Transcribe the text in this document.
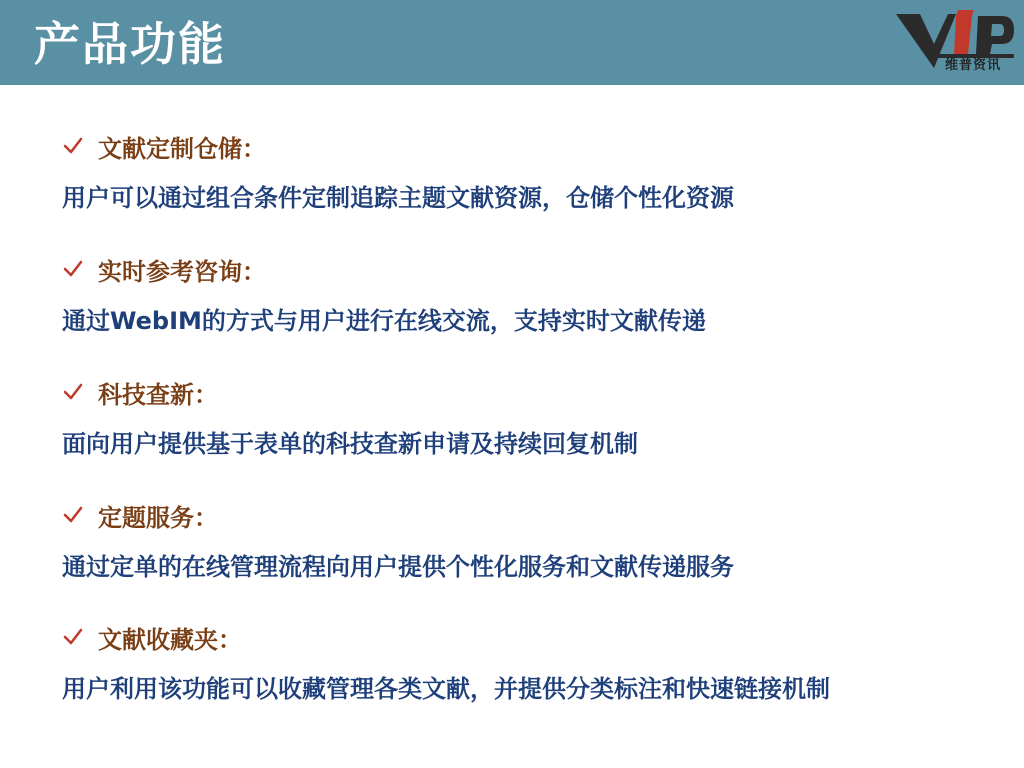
产品功能	维普资讯
文献定制仓储：
用户可以通过组合条件定制追踪主题文献资源，仓储个性化资源
实时参考咨询：
通过WebIM的方式与用户进行在线交流，支持实时文献传递
科技查新：
面向用户提供基于表单的科技查新申请及持续回复机制
定题服务：
通过定单的在线管理流程向用户提供个性化服务和文献传递服务
文献收藏夹：
用户利用该功能可以收藏管理各类文献，并提供分类标注和快速链接机制
